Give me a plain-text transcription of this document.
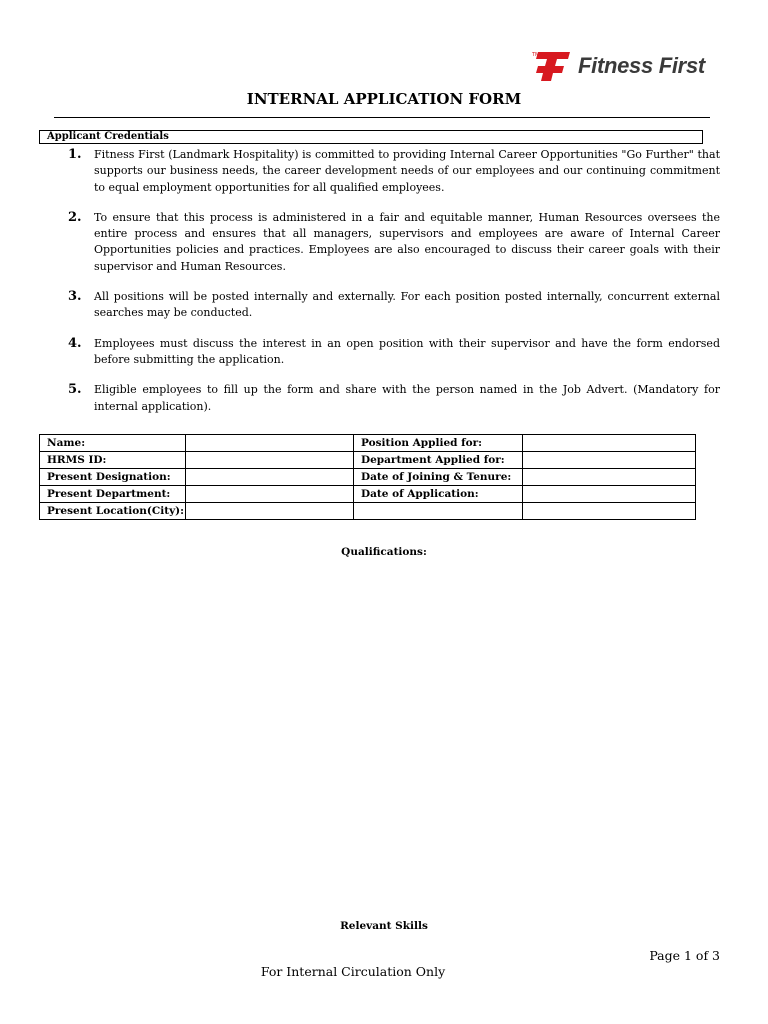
TM Fitness First
INTERNAL APPLICATION FORM
Applicant Credentials
1.	Fitness First (Landmark Hospitality) is committed to providing Internal Career Opportunities "Go Further" that supports our business needs, the career development needs of our employees and our continuing commitment to equal employment opportunities for all qualified employees.
2.	To ensure that this process is administered in a fair and equitable manner, Human Resources oversees the entire process and ensures that all managers, supervisors and employees are aware of Internal Career Opportunities policies and practices. Employees are also encouraged to discuss their career goals with their supervisor and Human Resources.
3.	All positions will be posted internally and externally. For each position posted internally, concurrent external searches may be conducted.
4.	Employees must discuss the interest in an open position with their supervisor and have the form endorsed before submitting the application.
5.	Eligible employees to fill up the form and share with the person named in the Job Advert. (Mandatory for internal application).
Name:		Position Applied for:	
HRMS ID:		Department Applied for:	
Present Designation:		Date of Joining & Tenure:	
Present Department:		Date of Application:	
Present Location(City):			
Qualifications:
Relevant Skills
Page 1 of 3
For Internal Circulation Only
